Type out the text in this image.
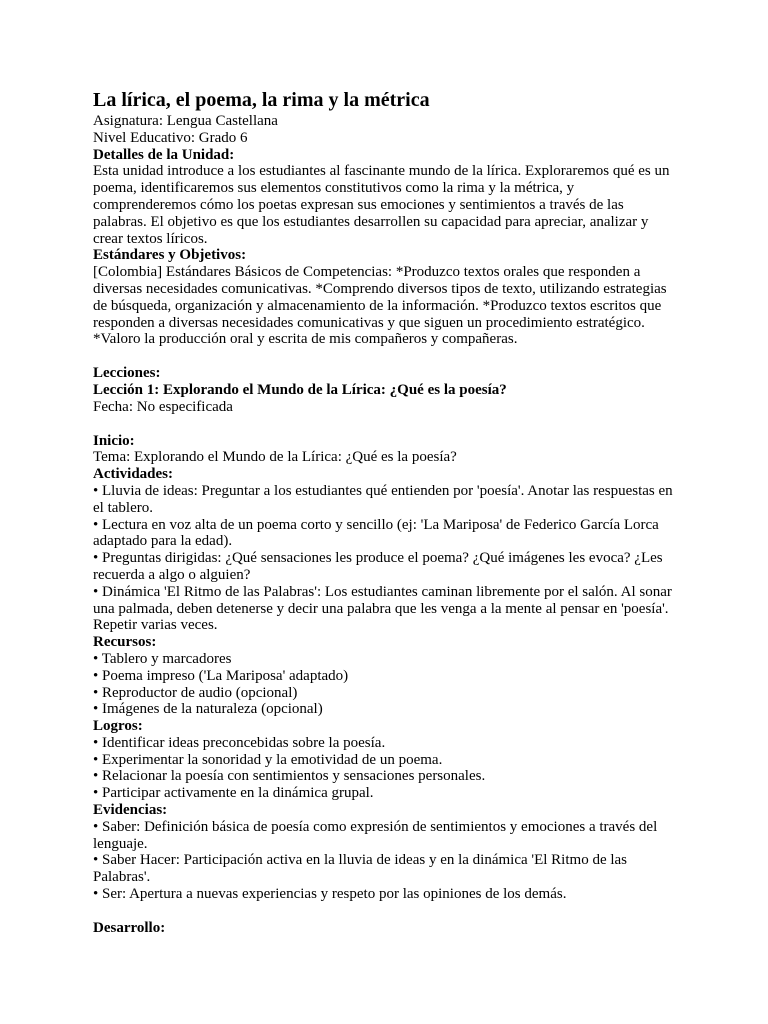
La lírica, el poema, la rima y la métrica

Asignatura: Lengua Castellana

Nivel Educativo: Grado 6

Detalles de la Unidad:

Esta unidad introduce a los estudiantes al fascinante mundo de la lírica. Exploraremos qué es un poema, identificaremos sus elementos constitutivos como la rima y la métrica, y comprenderemos cómo los poetas expresan sus emociones y sentimientos a través de las palabras. El objetivo es que los estudiantes desarrollen su capacidad para apreciar, analizar y crear textos líricos.

Estándares y Objetivos:

[Colombia] Estándares Básicos de Competencias: *Produzco textos orales que responden a diversas necesidades comunicativas. *Comprendo diversos tipos de texto, utilizando estrategias de búsqueda, organización y almacenamiento de la información. *Produzco textos escritos que responden a diversas necesidades comunicativas y que siguen un procedimiento estratégico. *Valoro la producción oral y escrita de mis compañeros y compañeras.

Lecciones:

Lección 1: Explorando el Mundo de la Lírica: ¿Qué es la poesía?

Fecha: No especificada

Inicio:

Tema: Explorando el Mundo de la Lírica: ¿Qué es la poesía?

Actividades:

• Lluvia de ideas: Preguntar a los estudiantes qué entienden por 'poesía'. Anotar las respuestas en el tablero.
• Lectura en voz alta de un poema corto y sencillo (ej: 'La Mariposa' de Federico García Lorca adaptado para la edad).
• Preguntas dirigidas: ¿Qué sensaciones les produce el poema? ¿Qué imágenes les evoca? ¿Les recuerda a algo o alguien?
• Dinámica 'El Ritmo de las Palabras': Los estudiantes caminan libremente por el salón. Al sonar una palmada, deben detenerse y decir una palabra que les venga a la mente al pensar en 'poesía'. Repetir varias veces.

Recursos:

• Tablero y marcadores
• Poema impreso ('La Mariposa' adaptado)
• Reproductor de audio (opcional)
• Imágenes de la naturaleza (opcional)

Logros:

• Identificar ideas preconcebidas sobre la poesía.
• Experimentar la sonoridad y la emotividad de un poema.
• Relacionar la poesía con sentimientos y sensaciones personales.
• Participar activamente en la dinámica grupal.

Evidencias:

• Saber: Definición básica de poesía como expresión de sentimientos y emociones a través del lenguaje.
• Saber Hacer: Participación activa en la lluvia de ideas y en la dinámica 'El Ritmo de las Palabras'.
• Ser: Apertura a nuevas experiencias y respeto por las opiniones de los demás.

Desarrollo:
